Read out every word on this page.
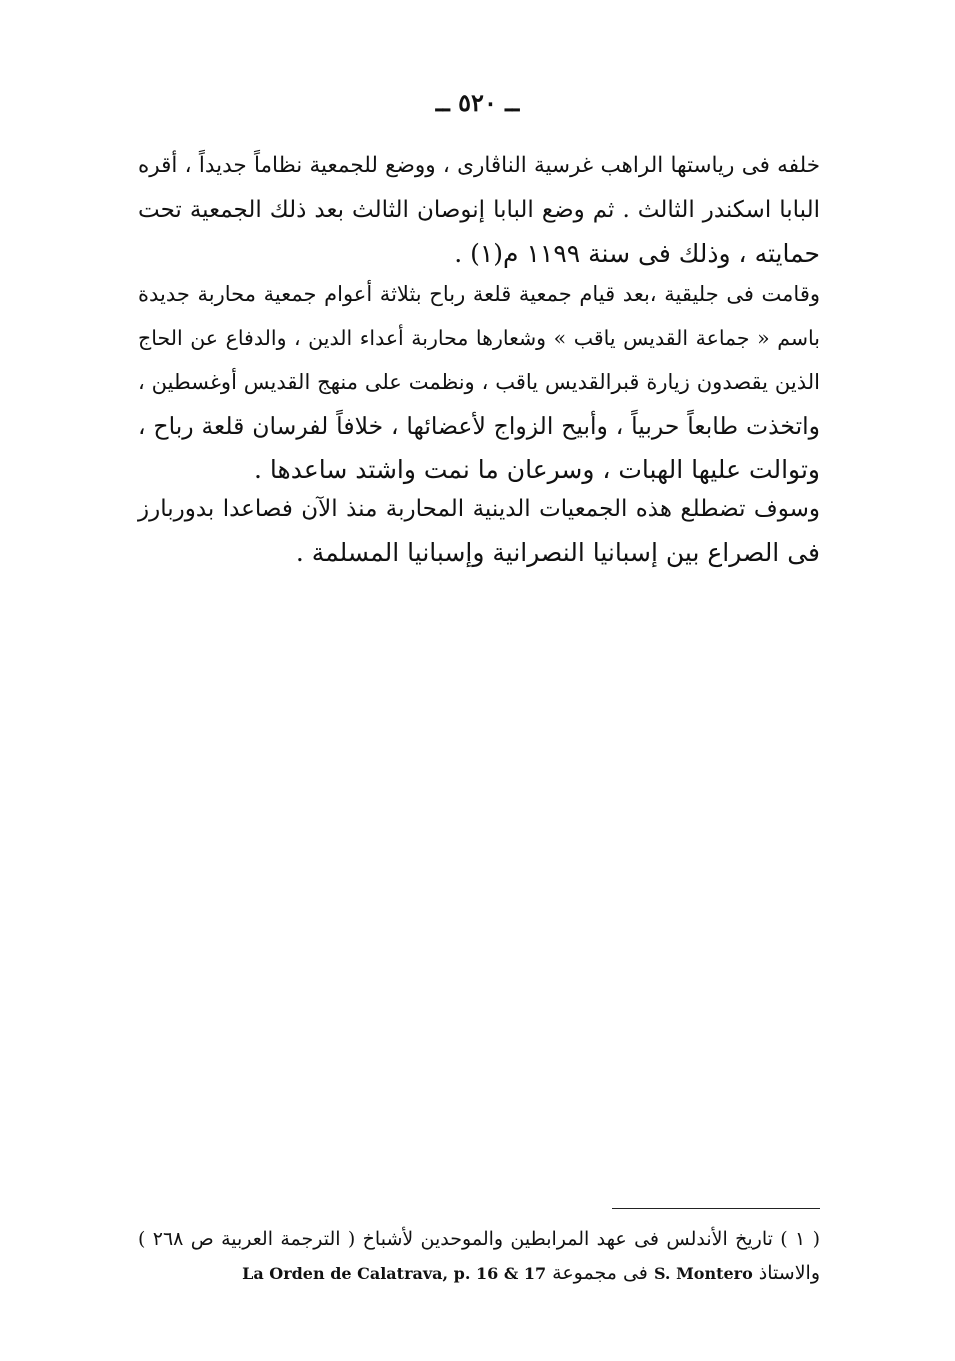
ــ ٥٢٠ ــ
خلفه فى رياستها الراهب غرسية الناڤارى ، ووضع للجمعية نظاماً جديداً ، أقره
البابا اسكندر الثالث . ثم وضع البابا إنوصان الثالث بعد ذلك الجمعية تحت
حمايته ، وذلك فى سنة ١١٩٩ م(١) .
وقامت فى جليقية ،بعد قيام جمعية قلعة رباح بثلاثة أعوام جمعية محاربة جديدة
باسم « جماعة القديس ياقب » وشعارها محاربة أعداء الدين ، والدفاع عن الحاج
الذين يقصدون زيارة قبرالقديس ياقب ، ونظمت على منهج القديس أوغسطين ،
واتخذت طابعاً حربياً ، وأبيح الزواج لأعضائها ، خلافاً لفرسان قلعة رباح ،
وتوالت عليها الهبات ، وسرعان ما نمت واشتد ساعدها .
وسوف تضطلع هذه الجمعيات الدينية المحاربة منذ الآن فصاعدا بدوربارز
فى الصراع بين إسبانيا النصرانية وإسبانيا المسلمة .
( ١ ) تاريخ الأندلس فى عهد المرابطين والموحدين لأشباخ ( الترجمة العربية ص ٢٦٨ )
والاستاذ S. Montero فى مجموعة La Orden de Calatrava, p. 16 & 17
